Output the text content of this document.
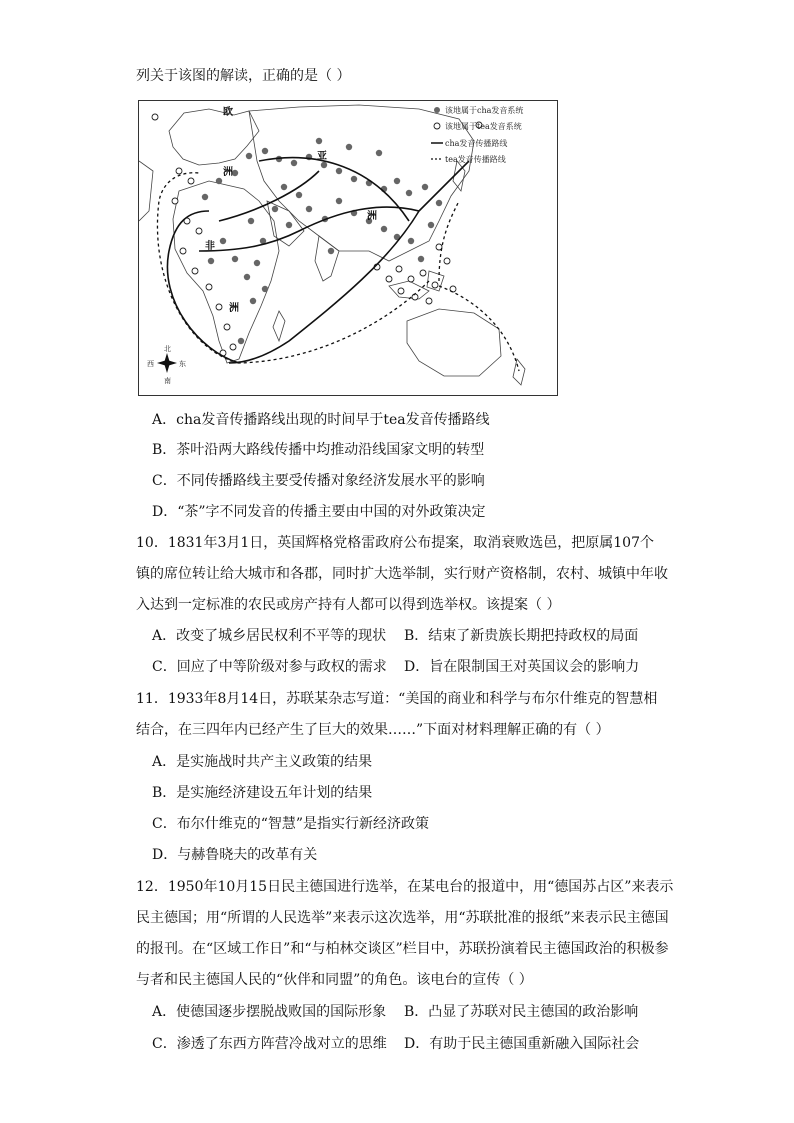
列关于该图的解读，正确的是（ ）
该地属于cha发音系统
该地属于tea发音系统
cha发音传播路线
tea发音传播路线
欧
洲
亚
洲
非
洲
北
南
西	东
A．cha发音传播路线出现的时间早于tea发音传播路线
B．茶叶沿两大路线传播中均推动沿线国家文明的转型
C．不同传播路线主要受传播对象经济发展水平的影响
D．“茶”字不同发音的传播主要由中国的对外政策决定
10．1831年3月1日，英国辉格党格雷政府公布提案，取消衰败选邑，把原属107个
镇的席位转让给大城市和各郡，同时扩大选举制，实行财产资格制，农村、城镇中年收
入达到一定标准的农民或房产持有人都可以得到选举权。该提案（ ）
A．改变了城乡居民权利不平等的现状 B．结束了新贵族长期把持政权的局面
C．回应了中等阶级对参与政权的需求 D．旨在限制国王对英国议会的影响力
11．1933年8月14日，苏联某杂志写道：“美国的商业和科学与布尔什维克的智慧相
结合，在三四年内已经产生了巨大的效果……”下面对材料理解正确的有（ ）
A．是实施战时共产主义政策的结果
B．是实施经济建设五年计划的结果
C．布尔什维克的“智慧”是指实行新经济政策
D．与赫鲁晓夫的改革有关
12．1950年10月15日民主德国进行选举，在某电台的报道中，用“德国苏占区”来表示
民主德国；用“所谓的人民选举”来表示这次选举，用“苏联批准的报纸”来表示民主德国
的报刊。在“区域工作日”和“与柏林交谈区”栏目中，苏联扮演着民主德国政治的积极参
与者和民主德国人民的“伙伴和同盟”的角色。该电台的宣传（ ）
A．使德国逐步摆脱战败国的国际形象 B．凸显了苏联对民主德国的政治影响
C．渗透了东西方阵营冷战对立的思维 D．有助于民主德国重新融入国际社会
